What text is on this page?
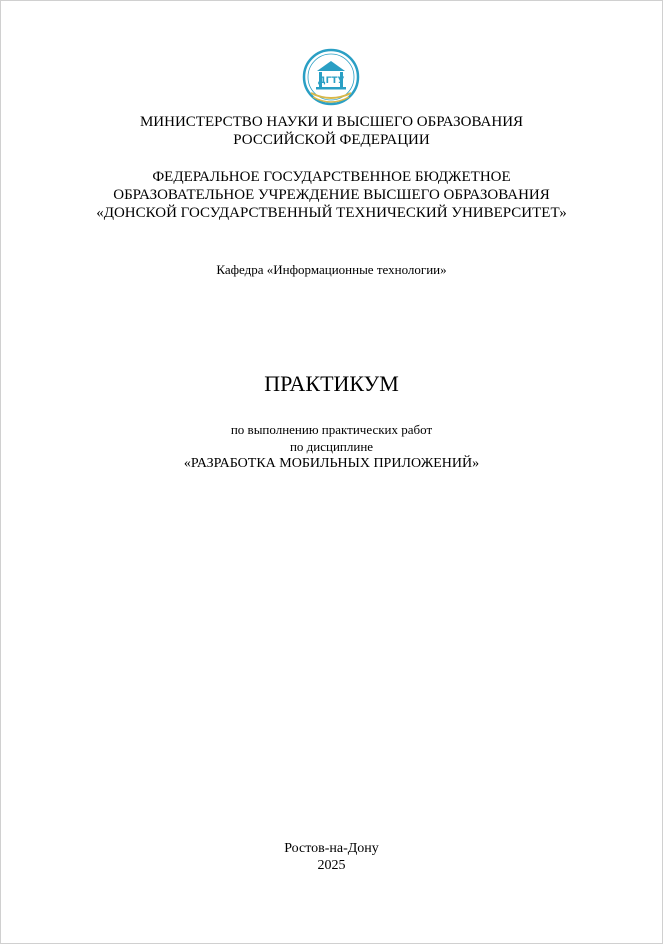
ДГТУ
МИНИСТЕРСТВО НАУКИ И ВЫСШЕГО ОБРАЗОВАНИЯ
РОССИЙСКОЙ ФЕДЕРАЦИИ
ФЕДЕРАЛЬНОЕ ГОСУДАРСТВЕННОЕ БЮДЖЕТНОЕ
ОБРАЗОВАТЕЛЬНОЕ УЧРЕЖДЕНИЕ ВЫСШЕГО ОБРАЗОВАНИЯ
«ДОНСКОЙ ГОСУДАРСТВЕННЫЙ ТЕХНИЧЕСКИЙ УНИВЕРСИТЕТ»
Кафедра «Информационные технологии»
ПРАКТИКУМ
по выполнению практических работ
по дисциплине
«РАЗРАБОТКА МОБИЛЬНЫХ ПРИЛОЖЕНИЙ»
Ростов-на-Дону
2025
